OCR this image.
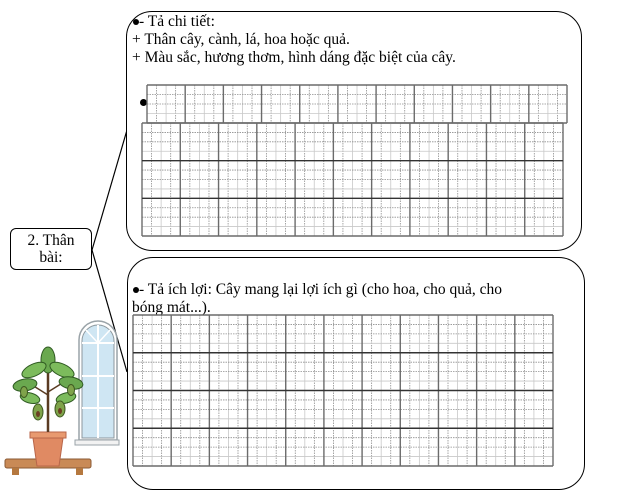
2. Thân
bài:
- Tả chi tiết:
+ Thân cây, cành, lá, hoa hoặc quả.
+ Màu sắc, hương thơm, hình dáng đặc biệt của cây.
- Tả ích lợi: Cây mang lại lợi ích gì (cho hoa, cho quả, cho
bóng mát...).
